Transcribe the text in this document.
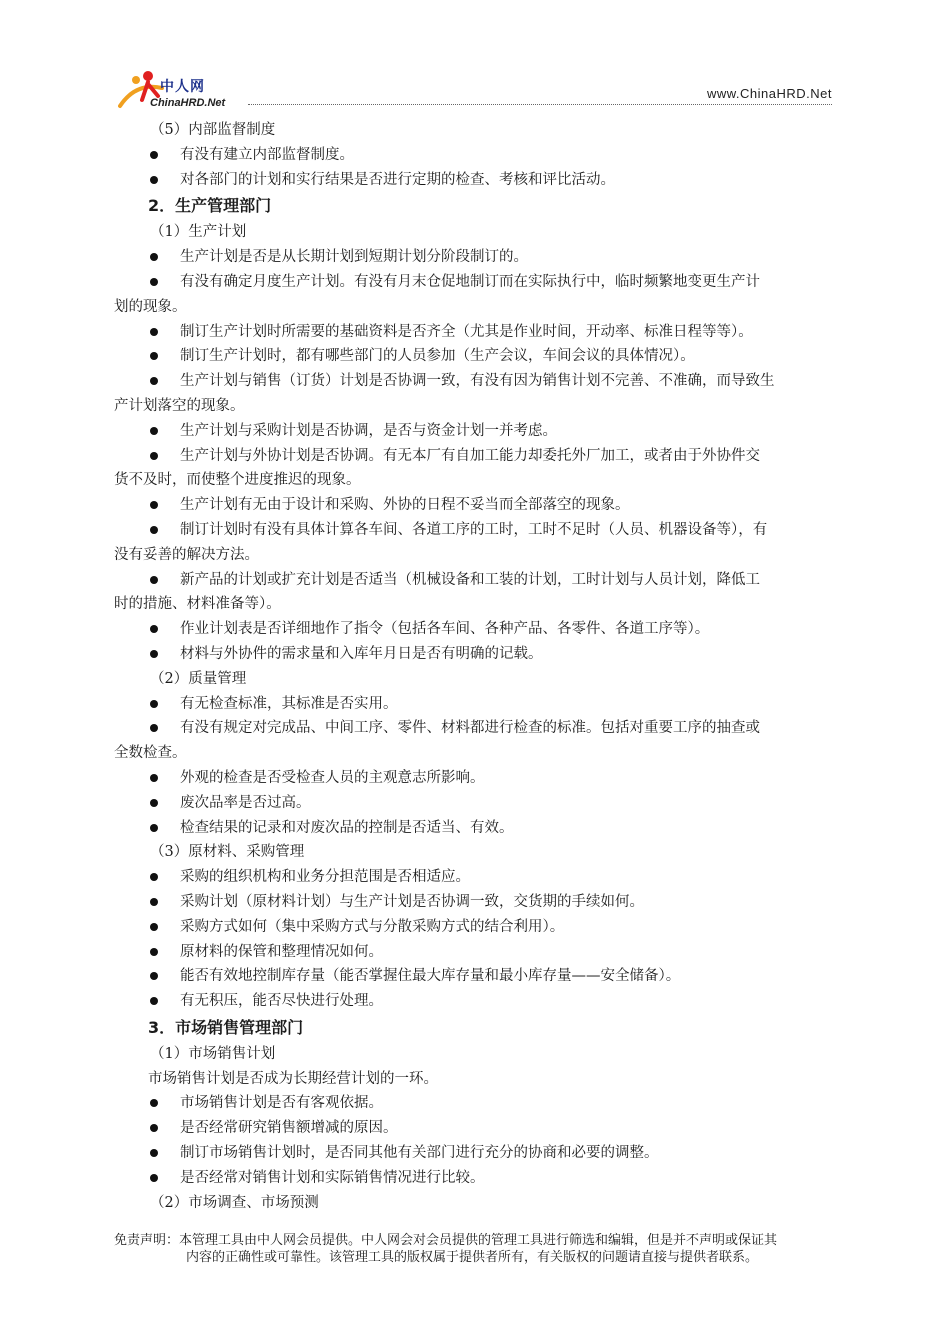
中人网
ChinaHRD.Net
www.ChinaHRD.Net
（5）内部监督制度
有没有建立内部监督制度。
对各部门的计划和实行结果是否进行定期的检查、考核和评比活动。
2．生产管理部门
（1）生产计划
生产计划是否是从长期计划到短期计划分阶段制订的。
有没有确定月度生产计划。有没有月末仓促地制订而在实际执行中，临时频繁地变更生产计
划的现象。
制订生产计划时所需要的基础资料是否齐全（尤其是作业时间，开动率、标准日程等等）。
制订生产计划时，都有哪些部门的人员参加（生产会议，车间会议的具体情况）。
生产计划与销售（订货）计划是否协调一致，有没有因为销售计划不完善、不准确，而导致生
产计划落空的现象。
生产计划与采购计划是否协调，是否与资金计划一并考虑。
生产计划与外协计划是否协调。有无本厂有自加工能力却委托外厂加工，或者由于外协件交
货不及时，而使整个进度推迟的现象。
生产计划有无由于设计和采购、外协的日程不妥当而全部落空的现象。
制订计划时有没有具体计算各车间、各道工序的工时，工时不足时（人员、机器设备等），有
没有妥善的解决方法。
新产品的计划或扩充计划是否适当（机械设备和工装的计划，工时计划与人员计划，降低工
时的措施、材料准备等）。
作业计划表是否详细地作了指令（包括各车间、各种产品、各零件、各道工序等）。
材料与外协件的需求量和入库年月日是否有明确的记载。
（2）质量管理
有无检查标准，其标准是否实用。
有没有规定对完成品、中间工序、零件、材料都进行检查的标准。包括对重要工序的抽查或
全数检查。
外观的检查是否受检查人员的主观意志所影响。
废次品率是否过高。
检查结果的记录和对废次品的控制是否适当、有效。
（3）原材料、采购管理
采购的组织机构和业务分担范围是否相适应。
采购计划（原材料计划）与生产计划是否协调一致，交货期的手续如何。
采购方式如何（集中采购方式与分散采购方式的结合利用）。
原材料的保管和整理情况如何。
能否有效地控制库存量（能否掌握住最大库存量和最小库存量——安全储备）。
有无积压，能否尽快进行处理。
3．市场销售管理部门
（1）市场销售计划
市场销售计划是否成为长期经营计划的一环。
市场销售计划是否有客观依据。
是否经常研究销售额增减的原因。
制订市场销售计划时，是否同其他有关部门进行充分的协商和必要的调整。
是否经常对销售计划和实际销售情况进行比较。
（2）市场调查、市场预测
免责声明：本管理工具由中人网会员提供。中人网会对会员提供的管理工具进行筛选和编辑，但是并不声明或保证其
内容的正确性或可靠性。该管理工具的版权属于提供者所有，有关版权的问题请直接与提供者联系。
